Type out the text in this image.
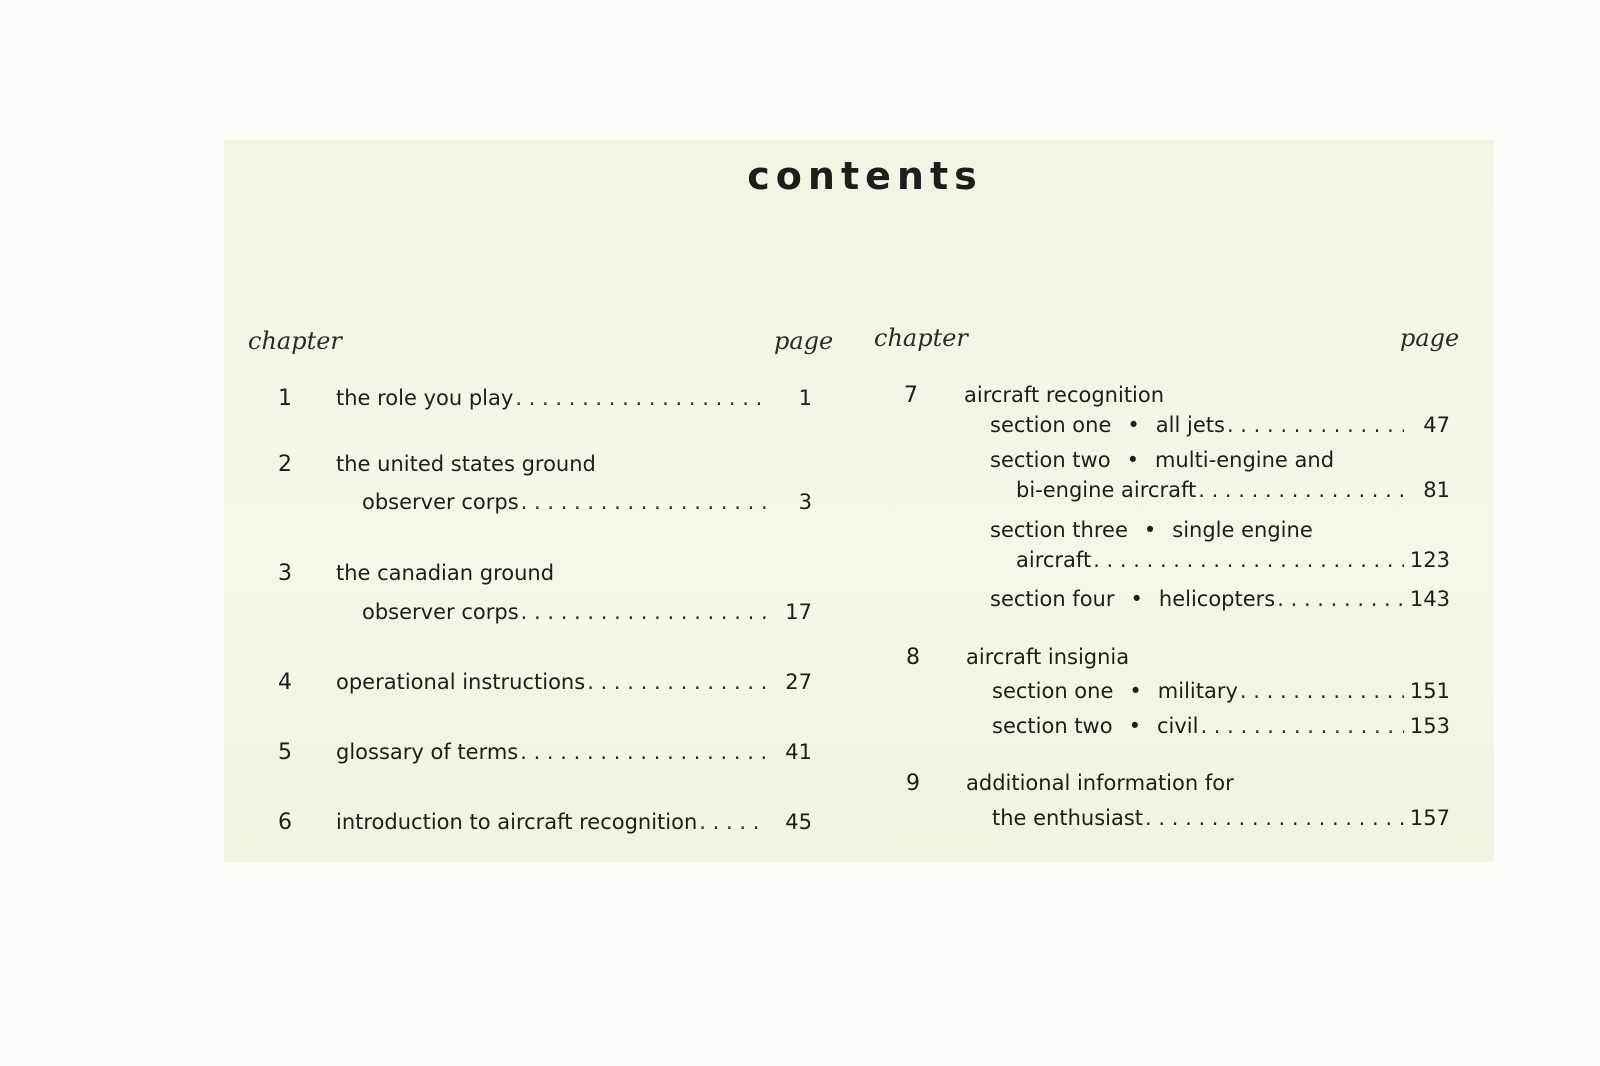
contents
chapter	page
1	the role you play . . .	1
2	the united states ground
observer corps . . .	3
3	the canadian ground
observer corps . . .	17
4	operational instructions . . .	27
5	glossary of terms . . .	41
6	introduction to aircraft recognition . . .	45
chapter	page
7	aircraft recognition
section one • all jets . . .	47
section two • multi-engine and
bi-engine aircraft . . .	81
section three • single engine
aircraft . . .	123
section four • helicopters . . .	143
8	aircraft insignia
section one • military . . .	151
section two • civil . . .	153
9	additional information for
the enthusiast . . .	157
